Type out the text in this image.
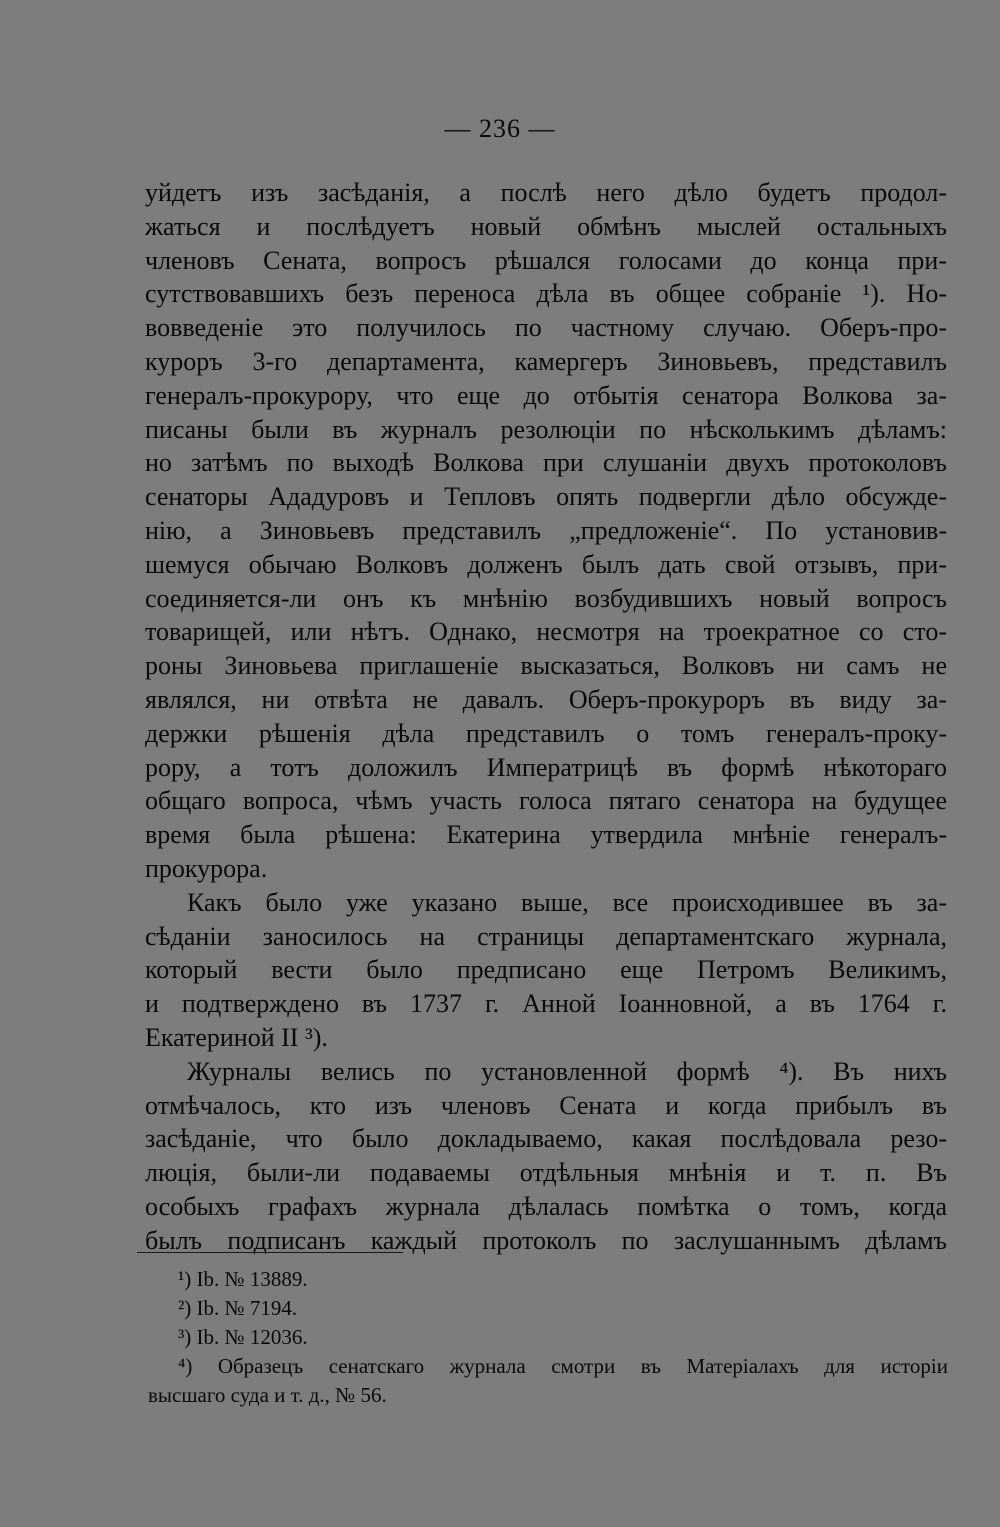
— 236 —
уйдетъ изъ засѣданія, а послѣ него дѣло будетъ продол-
жаться и послѣдуетъ новый обмѣнъ мыслей остальныхъ
членовъ Сената, вопросъ рѣшался голосами до конца при-
сутствовавшихъ безъ переноса дѣла въ общее собраніе ¹). Но-
вовведеніе это получилось по частному случаю. Оберъ-про-
куроръ 3-го департамента, камергеръ Зиновьевъ, представилъ
генералъ-прокурору, что еще до отбытія сенатора Волкова за-
писаны были въ журналъ резолюціи по нѣсколькимъ дѣламъ:
но затѣмъ по выходѣ Волкова при слушаніи двухъ протоколовъ
сенаторы Ададуровъ и Тепловъ опять подвергли дѣло обсужде-
нію, а Зиновьевъ представилъ „предложеніе“. По установив-
шемуся обычаю Волковъ долженъ былъ дать свой отзывъ, при-
соединяется-ли онъ къ мнѣнію возбудившихъ новый вопросъ
товарищей, или нѣтъ. Однако, несмотря на троекратное со сто-
роны Зиновьева приглашеніе высказаться, Волковъ ни самъ не
являлся, ни отвѣта не давалъ. Оберъ-прокуроръ въ виду за-
держки рѣшенія дѣла представилъ о томъ генералъ-проку-
рору, а тотъ доложилъ Императрицѣ въ формѣ нѣкотораго
общаго вопроса, чѣмъ участь голоса пятаго сенатора на будущее
время была рѣшена: Екатерина утвердила мнѣніе генералъ-
прокурора.
Какъ было уже указано выше, все происходившее въ за-
сѣданіи заносилось на страницы департаментскаго журнала,
который вести было предписано еще Петромъ Великимъ,
и подтверждено въ 1737 г. Анной Іоанновной, а въ 1764 г.
Екатериной II ³).
Журналы велись по установленной формѣ ⁴). Въ нихъ
отмѣчалось, кто изъ членовъ Сената и когда прибылъ въ
засѣданіе, что было докладываемо, какая послѣдовала резо-
люція, были-ли подаваемы отдѣльныя мнѣнія и т. п. Въ
особыхъ графахъ журнала дѣлалась помѣтка о томъ, когда
былъ подписанъ каждый протоколъ по заслушаннымъ дѣламъ
¹) Ib. № 13889.
²) Ib. № 7194.
³) Ib. № 12036.
⁴) Образецъ сенатскаго журнала смотри въ Матеріалахъ для исторіи
высшаго суда и т. д., № 56.
